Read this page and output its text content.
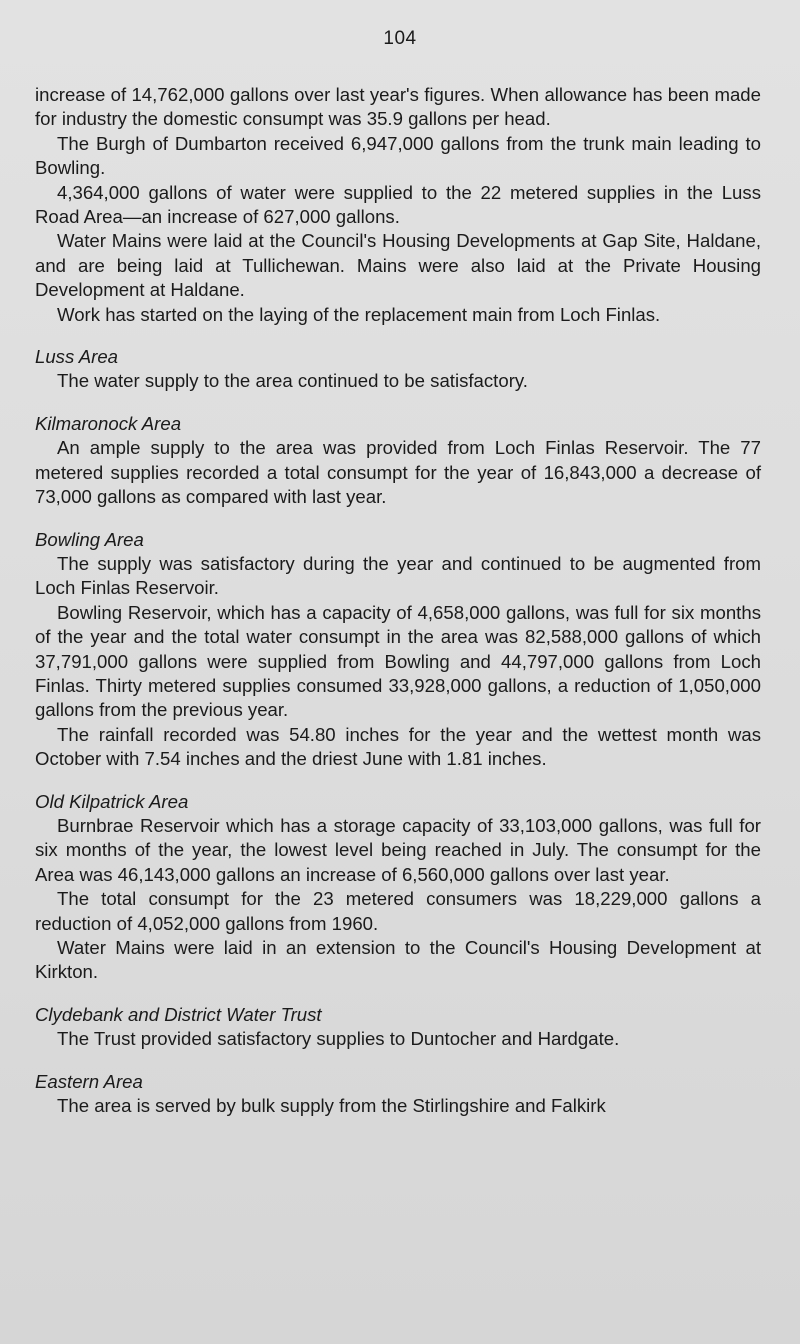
104

increase of 14,762,000 gallons over last year's figures. When allowance has been made for industry the domestic consumpt was 35.9 gallons per head.

The Burgh of Dumbarton received 6,947,000 gallons from the trunk main leading to Bowling.

4,364,000 gallons of water were supplied to the 22 metered supplies in the Luss Road Area—an increase of 627,000 gallons.

Water Mains were laid at the Council's Housing Developments at Gap Site, Haldane, and are being laid at Tullichewan. Mains were also laid at the Private Housing Development at Haldane.

Work has started on the laying of the replacement main from Loch Finlas.

Luss Area

The water supply to the area continued to be satisfactory.

Kilmaronock Area

An ample supply to the area was provided from Loch Finlas Reservoir. The 77 metered supplies recorded a total consumpt for the year of 16,843,000 a decrease of 73,000 gallons as compared with last year.

Bowling Area

The supply was satisfactory during the year and continued to be augmented from Loch Finlas Reservoir.

Bowling Reservoir, which has a capacity of 4,658,000 gallons, was full for six months of the year and the total water consumpt in the area was 82,588,000 gallons of which 37,791,000 gallons were supplied from Bowling and 44,797,000 gallons from Loch Finlas. Thirty metered supplies consumed 33,928,000 gallons, a reduction of 1,050,000 gallons from the previous year.

The rainfall recorded was 54.80 inches for the year and the wettest month was October with 7.54 inches and the driest June with 1.81 inches.

Old Kilpatrick Area

Burnbrae Reservoir which has a storage capacity of 33,103,000 gallons, was full for six months of the year, the lowest level being reached in July. The consumpt for the Area was 46,143,000 gallons an increase of 6,560,000 gallons over last year.

The total consumpt for the 23 metered consumers was 18,229,000 gallons a reduction of 4,052,000 gallons from 1960.

Water Mains were laid in an extension to the Council's Housing Development at Kirkton.

Clydebank and District Water Trust

The Trust provided satisfactory supplies to Duntocher and Hardgate.

Eastern Area

The area is served by bulk supply from the Stirlingshire and Falkirk
